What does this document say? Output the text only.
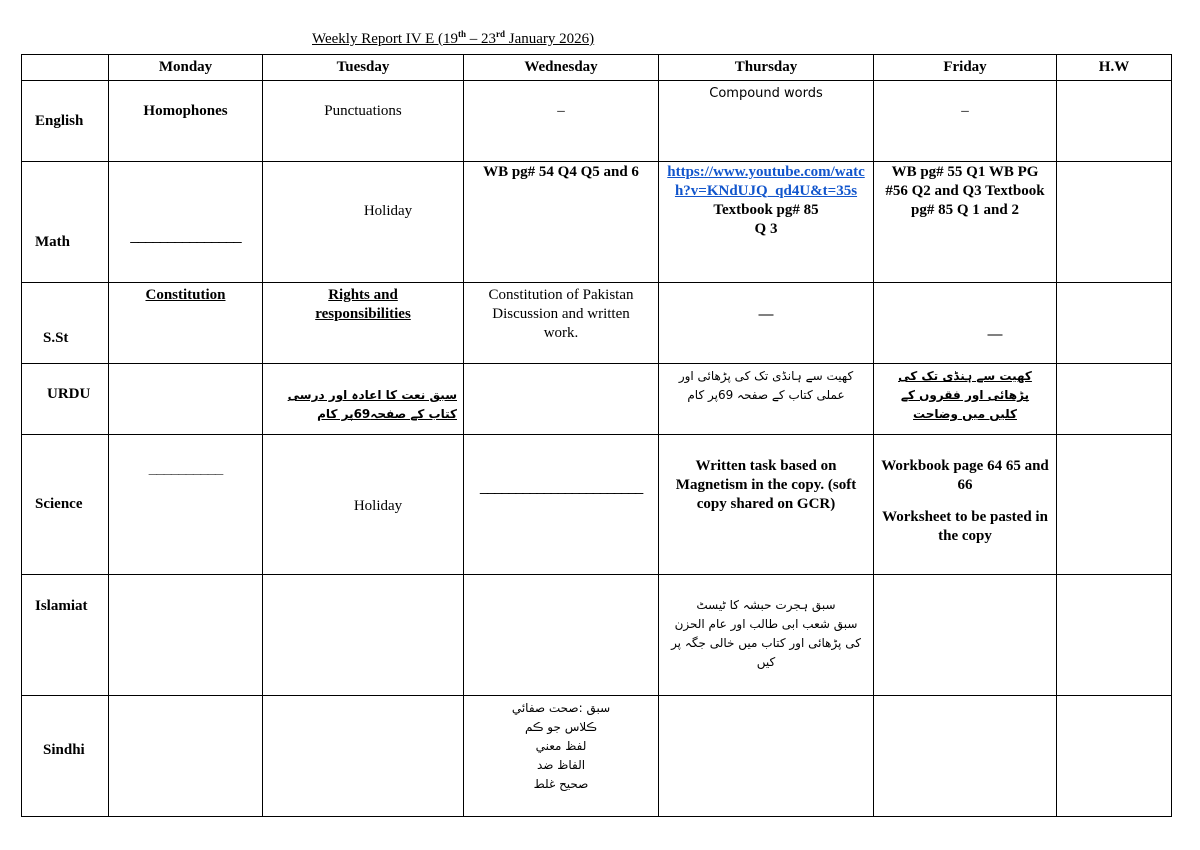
Weekly Report IV E (19th – 23rd January 2026)
	Monday	Tuesday	Wednesday	Thursday	Friday	H.W
English	Homophones	Punctuations	–	Compound words	–	

Math	_______________	Holiday	WB pg# 54 Q4 Q5 and 6	https://www.youtube.com/watch?v=KNdUJQ_qd4U&t=35s
Textbook pg# 85
Q 3	WB pg# 55 Q1 WB PG #56 Q2 and Q3 Textbook pg# 85 Q 1 and 2	

S.St	Constitution	Rights and responsibilities	Constitution of Pakistan Discussion and written work.	—	—	

URDU		سبق نعت کا اعادہ اور درسی کتاب کے صفحہ69پر کام		کھیت سے ہانڈی تک کی پڑھائی اور عملی کتاب کے صفحہ 69پر کام	کھیت سے ہنڈی تک کی پڑھائی اور فقروں کے کلیں میں وضاحت	

Science	__________	Holiday	_______________________	Written task based on Magnetism in the copy. (soft copy shared on GCR)	Workbook page 64 65 and 66
Worksheet to be pasted in the copy	

Islamiat				سبق ہجرت حبشہ کا ٹیسٹ
سبق شعب ابی طالب اور عام الحزن کی پڑھائی اور کتاب میں خالی جگہ پر کیں		

Sindhi			سبق :صحت صفائي
ڪلاس جو ڪم
لفظ معني
الفاظ ضد
صحيح غلط			
